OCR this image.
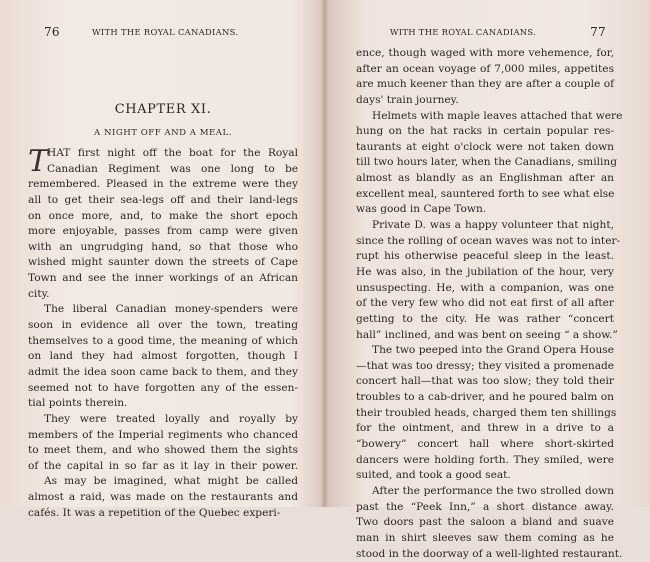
76	WITH THE ROYAL CANADIANS.
CHAPTER XI.
A NIGHT OFF AND A MEAL.
T
HAT first night off the boat for the Royal
Canadian Regiment was one long to be
remembered. Pleased in the extreme were they
all to get their sea-legs off and their land-legs
on once more, and, to make the short epoch
more enjoyable, passes from camp were given
with an ungrudging hand, so that those who
wished might saunter down the streets of Cape
Town and see the inner workings of an African
city.
The liberal Canadian money-spenders were
soon in evidence all over the town, treating
themselves to a good time, the meaning of which
on land they had almost forgotten, though I
admit the idea soon came back to them, and they
seemed not to have forgotten any of the essen-
tial points therein.
They were treated loyally and royally by
members of the Imperial regiments who chanced
to meet them, and who showed them the sights
of the capital in so far as it lay in their power.
As may be imagined, what might be called
almost a raid, was made on the restaurants and
cafés. It was a repetition of the Quebec experi-
WITH THE ROYAL CANADIANS.	77
ence, though waged with more vehemence, for,
after an ocean voyage of 7,000 miles, appetites
are much keener than they are after a couple of
days' train journey.
Helmets with maple leaves attached that were
hung on the hat racks in certain popular res-
taurants at eight o'clock were not taken down
till two hours later, when the Canadians, smiling
almost as blandly as an Englishman after an
excellent meal, sauntered forth to see what else
was good in Cape Town.
Private D. was a happy volunteer that night,
since the rolling of ocean waves was not to inter-
rupt his otherwise peaceful sleep in the least.
He was also, in the jubilation of the hour, very
unsuspecting. He, with a companion, was one
of the very few who did not eat first of all after
getting to the city. He was rather “concert
hall” inclined, and was bent on seeing “ a show.”
The two peeped into the Grand Opera House
—that was too dressy; they visited a promenade
concert hall—that was too slow; they told their
troubles to a cab-driver, and he poured balm on
their troubled heads, charged them ten shillings
for the ointment, and threw in a drive to a
“bowery” concert hall where short-skirted
dancers were holding forth. They smiled, were
suited, and took a good seat.
After the performance the two strolled down
past the “Peek Inn,” a short distance away.
Two doors past the saloon a bland and suave
man in shirt sleeves saw them coming as he
stood in the doorway of a well-lighted restaurant.
